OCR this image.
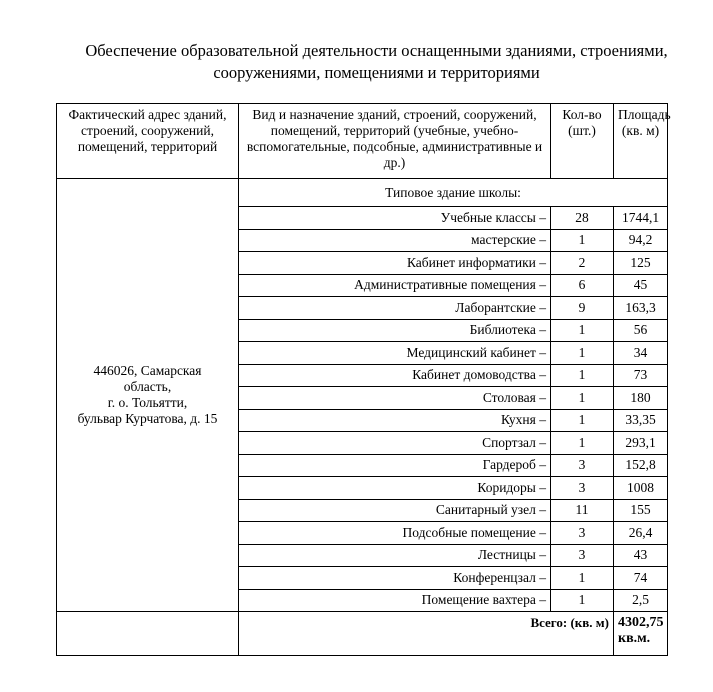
Обеспечение образовательной деятельности оснащенными зданиями, строениями,
сооружениями, помещениями и территориями
Фактический адрес зданий, строений, сооружений, помещений, территорий	Вид и назначение зданий, строений, сооружений, помещений, территорий (учебные, учебно-вспомогательные, подсобные, административные и др.)	Кол-во (шт.)	Площадь (кв. м)

446026, Самарская
область,
г. о. Тольятти,
бульвар Курчатова, д. 15	Типовое здание школы:		
	Учебные классы –	28	1744,1
	мастерские –	1	94,2
	Кабинет информатики –	2	125
	Административные помещения –	6	45
	Лаборантские –	9	163,3
	Библиотека –	1	56
	Медицинский кабинет –	1	34
	Кабинет домоводства –	1	73
	Столовая –	1	180
	Кухня –	1	33,35
	Спортзал –	1	293,1
	Гардероб –	3	152,8
	Коридоры –	3	1008
	Санитарный узел –	11	155
	Подсобные помещение –	3	26,4
	Лестницы –	3	43
	Конференцзал –	1	74
	Помещение вахтера –	1	2,5
	Всего: (кв. м)		4302,75
кв.м.
